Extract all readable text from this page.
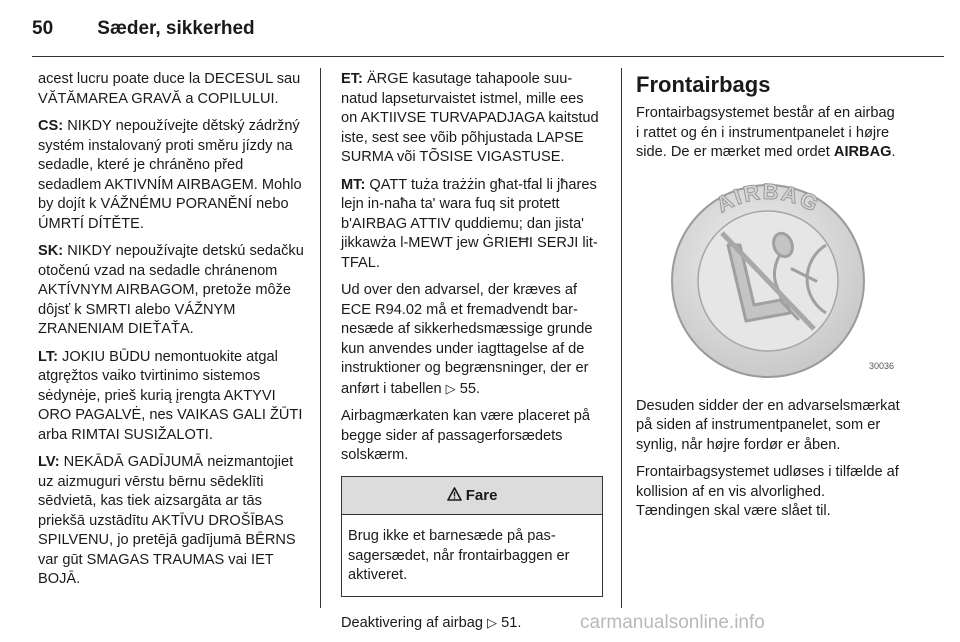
50 Sæder, sikkerhed

acest lucru poate duce la DECESUL sau VĂTĂMAREA GRAVĂ a COPILULUI.

CS: NIKDY nepoužívejte dětský zádržný systém instalovaný proti směru jízdy na sedadle, které je chráněno před sedadlem AKTIVNÍM AIRBAGEM. Mohlo by dojít k VÁŽNÉMU PORANĚNÍ nebo ÚMRTÍ DÍTĚTE.

SK: NIKDY nepoužívajte detskú sedačku otočenú vzad na sedadle chránenom AKTÍVNYM AIRBAGOM, pretože môže dôjsť k SMRTI alebo VÁŽNYM ZRANENIAM DIEŤAŤA.

LT: JOKIU BŪDU nemontuokite atgal atgręžtos vaiko tvirtinimo sistemos sėdynėje, prieš kurią įrengta AKTYVI ORO PAGALVĖ, nes VAIKAS GALI ŽŪTI arba RIMTAI SUSIŽALOTI.

LV: NEKĀDĀ GADĪJUMĀ neizmantojiet uz aizmuguri vērstu bērnu sēdeklīti sēdvietā, kas tiek aizsargāta ar tās priekšā uzstādītu AKTĪVU DROŠĪBAS SPILVENU, jo pretējā gadījumā BĒRNS var gūt SMAGAS TRAUMAS vai IET BOJĀ.

ET: ÄRGE kasutage tahapoole suunatud lapseturvaistet istmel, mille ees on AKTIIVSE TURVAPADJAGA kaitstud iste, sest see võib põhjustada LAPSE SURMA või TÕSISE VIGASTUSE.

MT: QATT tuża trażżin għat-tfal li jħares lejn in-naħa ta' wara fuq sit protett b'AIRBAG ATTIV quddiemu; dan jista' jikkawża l-MEWT jew ĠRIEĦI SERJI lit-TFAL.

Ud over den advarsel, der kræves af ECE R94.02 må et fremadvendt barnesæde af sikkerhedsmæssige grunde kun anvendes under iagttagelse af de instruktioner og begrænsninger, der er anført i tabellen ▷ 55.

Airbagmærkaten kan være placeret på begge sider af passagerforsædets solskærm.

Fare
Brug ikke et barnesæde på passagersædet, når frontairbaggen er aktiveret.

Deaktivering af airbag ▷ 51.

Frontairbags

Frontairbagsystemet består af en airbag i rattet og én i instrumentpanelet i højre side. De er mærket med ordet AIRBAG.

AIRBAG
30036

Desuden sidder der en advarselsmærkat på siden af instrumentpanelet, som er synlig, når højre fordør er åben.

Frontairbagsystemet udløses i tilfælde af kollision af en vis alvorlighed. Tændingen skal være slået til.

carmanualsonline.info
